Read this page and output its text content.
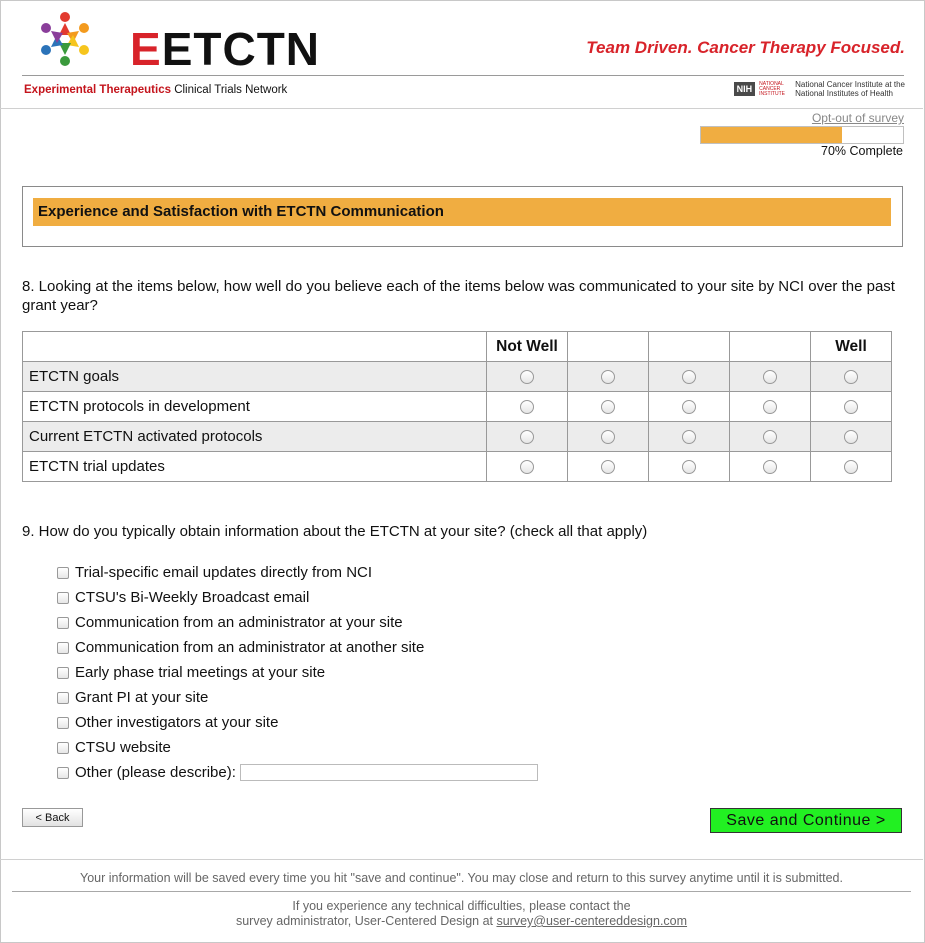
EETCTN	Team Driven. Cancer Therapy Focused.
Experimental Therapeutics Clinical Trials Network	NIH
NATIONAL CANCER INSTITUTE
National Cancer Institute at the
National Institutes of Health
Opt-out of survey
70% Complete
Experience and Satisfaction with ETCTN Communication
8. Looking at the items below, how well do you believe each of the items below was communicated to your site by NCI over the past grant year?
	Not Well				Well
ETCTN goals					
ETCTN protocols in development					
Current ETCTN activated protocols					
ETCTN trial updates					
9. How do you typically obtain information about the ETCTN at your site? (check all that apply)
Trial-specific email updates directly from NCI
CTSU's Bi-Weekly Broadcast email
Communication from an administrator at your site
Communication from an administrator at another site
Early phase trial meetings at your site
Grant PI at your site
Other investigators at your site
CTSU website
Other (please describe):
< Back	Save and Continue >
Your information will be saved every time you hit "save and continue". You may close and return to this survey anytime until it is submitted.
If you experience any technical difficulties, please contact the
survey administrator, User-Centered Design at survey@user-centereddesign.com
